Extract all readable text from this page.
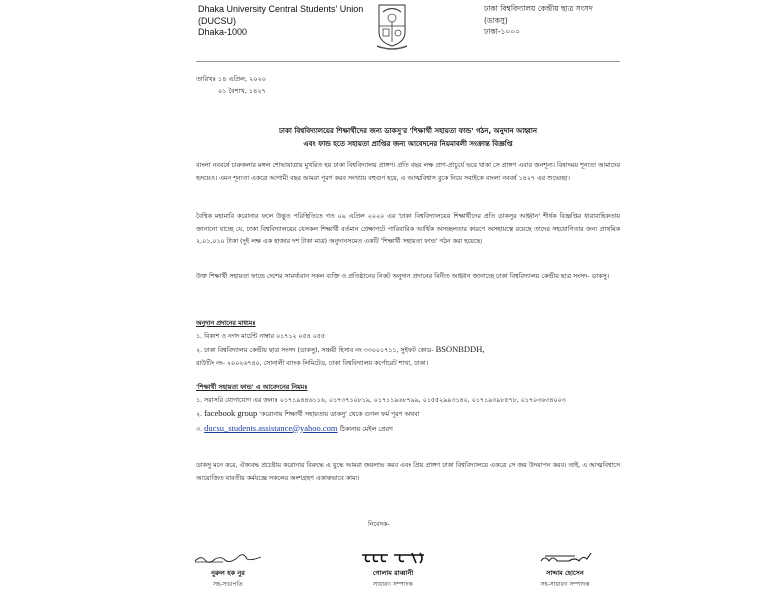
Dhaka University Central Students' Union
(DUCSU)
Dhaka-1000
ঢাকা বিশ্ববিদ্যালয় কেন্দ্রীয় ছাত্র সংসদ
(ডাকসু)
ঢাকা-১০০০
তারিখঃ ১৪ এপ্রিল, ২০২০
০১ বৈশাখ, ১৪২৭
ঢাকা বিশ্ববিদ্যালয়ের শিক্ষার্থীদের জন্য ডাকসু'র 'শিক্ষার্থী সহায়তা ফান্ড' গঠন, অনুদান আহ্বান
এবং ফান্ড হতে সহায়তা প্রাপ্তির জন্য আবেদনের নিয়মাবলী সংক্রান্ত বিজ্ঞপ্তি
বাংলা নববর্ষে চারুকলার মঙ্গল শোভাযাত্রায় মুখরিত হয় ঢাকা বিশ্ববিদ্যালয় প্রাঙ্গণ। প্রতি বছর লক্ষ প্রাণ-প্রাচুর্যে ভরে থাকা সে প্রাঙ্গণ এবার জনশূন্য। বিষাদময় শূন্যতা আমাদের হৃদয়েও। এমন শূন্যতা একত্রে আগামী বছর আমরা পূরণ করব সংখ্যায় বহুগুণ হয়ে, এ আত্মবিশ্বাস বুকে নিয়ে সবাইকে বাংলা নববর্ষ ১৪২৭ এর শুভেচ্ছা।
বৈশ্বিক মহামারি করোনার ফলে উদ্ভূত পরিস্থিতিতে গত ০৯ এপ্রিল ২০২০ এর 'ঢাকা বিশ্ববিদ্যালয়ের শিক্ষার্থীদের প্রতি ডাকসুর আহ্বান' শীর্ষক বিজ্ঞপ্তির ধারাবাহিকতায় জানানো যাচ্ছে যে, ঢাকা বিশ্ববিদ্যালয়ের যেসকল শিক্ষার্থী বর্তমান প্রেক্ষাপটে পারিবারিক আর্থিক অসচ্ছলতার কারণে অসহায়ত্বে রয়েছে তাদের সহযোগিতার জন্য প্রাথমিক ২,০১,০১০ টাকা (দুই লক্ষ এক হাজার দশ টাকা মাত্র) অনুদানসমেত একটি 'শিক্ষার্থী সহায়তা ফান্ড' গঠন করা হয়েছে।
উক্ত শিক্ষার্থী সহায়তা ফান্ডে দেশের সামর্থ্যবান সকল ব্যক্তি ও প্রতিষ্ঠানের নিকট অনুদান প্রদানের বিনীত আহ্বান জানাচ্ছে ঢাকা বিশ্ববিদ্যালয় কেন্দ্রীয় ছাত্র সংসদ- ডাকসু।
অনুদান প্রদানের মাধ্যমঃ
১. বিকাশ ও নগদ মার্চেন্ট নাম্বার ০১৭১২ ০৫৪ ০৫৫
২. ঢাকা বিশ্ববিদ্যালয় কেন্দ্রীয় ছাত্র সংসদ (ডাকসু), সঞ্চয়ী হিসাব নং ৩৩০০১৭১১, সুইফট কোড- BSONBDDH,
রাউটিং নং- ২০০২৬৭৪০, সোনালী ব্যাংক লিমিটেড, ঢাকা বিশ্ববিদ্যালয় কর্পোরেট শাখা, ঢাকা।
'শিক্ষার্থী সহায়তা ফান্ড' এ আবেদনের নিয়মঃ
১. সরাসরি যোগাযোগ এর জন্যঃ ০১৭১৯৪৪৬১১৬, ০১৭৩৭১০৮১৯, ০১৭১১৯৬৮৭৯৯, ০১৫৫২৯৯৩১৪০, ০১৭১৯৩৯৮৫৭৮, ০১৭০৩৬৩৪০০৩
২. facebook group 'করোনায় শিক্ষার্থী সহায়তায় ডাকসু' থেকে গুগল ফর্ম পূরণ অথবা
৩. ducsu_students.assistance@yahoo.com ঠিকানায় মেইল প্রেরণ
ডাকসু মনে করে, ঐক্যবদ্ধ প্রচেষ্টায় করোনার বিরুদ্ধে এ যুদ্ধে আমরা জয়লাভ করব এবং প্রিয় প্রাঙ্গণ ঢাকা বিশ্ববিদ্যালয়ে একত্রে সে জয় উদযাপন করব। তাই, এ আত্মবিশ্বাসে আয়োজিত যাবতীয় কর্মযজ্ঞে সকলের অংশগ্রহণ একান্তভাবে কাম্য।
নিবেদক-
নুরুল হক নুর
সহ-সভাপতি
গোলাম রাব্বানী
সাধারণ সম্পাদক
সাদ্দাম হোসেন
সহ-সাধারণ সম্পাদক
